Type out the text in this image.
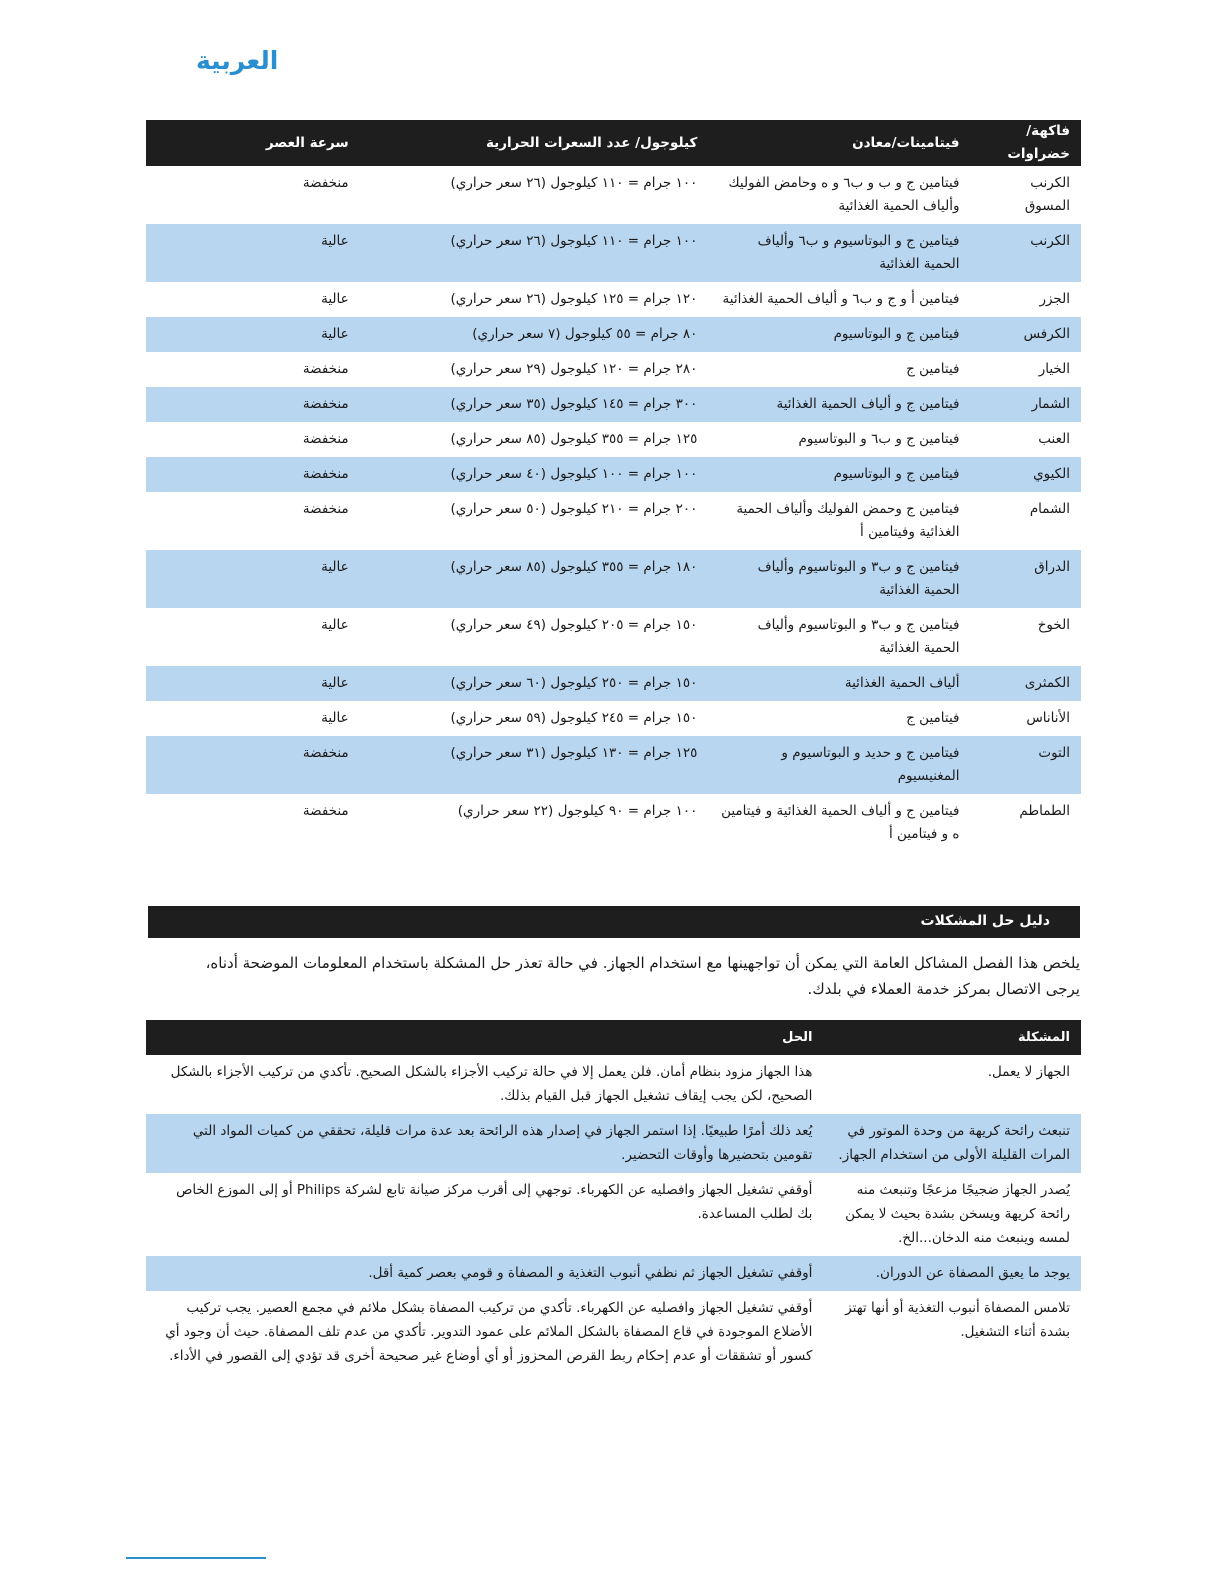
العربية
فاكهة/خضراوات	فيتامينات/معادن	كيلوجول/ عدد السعرات الحرارية	سرعة العصر
الكرنب المسوق	فيتامين ج و ب و ب٦ و ه وحامض الفوليك وألياف الحمية الغذائية	١٠٠ جرام = ١١٠ كيلوجول (٢٦ سعر حراري)	منخفضة
الكرنب	فيتامين ج و البوتاسيوم و ب٦ وألياف الحمية الغذائية	١٠٠ جرام = ١١٠ كيلوجول (٢٦ سعر حراري)	عالية
الجزر	فيتامين أ و ج و ب٦ و ألياف الحمية الغذائية	١٢٠ جرام = ١٢٥ كيلوجول (٢٦ سعر حراري)	عالية
الكرفس	فيتامين ج و البوتاسيوم	٨٠ جرام = ٥٥ كيلوجول (٧ سعر حراري)	عالية
الخيار	فيتامين ج	٢٨٠ جرام = ١٢٠ كيلوجول (٢٩ سعر حراري)	منخفضة
الشمار	فيتامين ج و ألياف الحمية الغذائية	٣٠٠ جرام = ١٤٥ كيلوجول (٣٥ سعر حراري)	منخفضة
العنب	فيتامين ج و ب٦ و البوتاسيوم	١٢٥ جرام = ٣٥٥ كيلوجول (٨٥ سعر حراري)	منخفضة
الكيوي	فيتامين ج و البوتاسيوم	١٠٠ جرام = ١٠٠ كيلوجول (٤٠ سعر حراري)	منخفضة
الشمام	فيتامين ج وحمض الفوليك وألياف الحمية الغذائية وفيتامين أ	٢٠٠ جرام = ٢١٠ كيلوجول (٥٠ سعر حراري)	منخفضة
الدراق	فيتامين ج و ب٣ و البوتاسيوم وألياف الحمية الغذائية	١٨٠ جرام = ٣٥٥ كيلوجول (٨٥ سعر حراري)	عالية
الخوخ	فيتامين ج و ب٣ و البوتاسيوم وألياف الحمية الغذائية	١٥٠ جرام = ٢٠٥ كيلوجول (٤٩ سعر حراري)	عالية
الكمثرى	ألياف الحمية الغذائية	١٥٠ جرام = ٢٥٠ كيلوجول (٦٠ سعر حراري)	عالية
الأناناس	فيتامين ج	١٥٠ جرام = ٢٤٥ كيلوجول (٥٩ سعر حراري)	عالية
التوت	فيتامين ج و حديد و البوتاسيوم و المغنيسيوم	١٢٥ جرام = ١٣٠ كيلوجول (٣١ سعر حراري)	منخفضة
الطماطم	فيتامين ج و ألياف الحمية الغذائية و فيتامين ه و فيتامين أ	١٠٠ جرام = ٩٠ كيلوجول (٢٢ سعر حراري)	منخفضة
دليل حل المشكلات

يلخص هذا الفصل المشاكل العامة التي يمكن أن تواجهينها مع استخدام الجهاز. في حالة تعذر حل المشكلة باستخدام المعلومات الموضحة أدناه، يرجى الاتصال بمركز خدمة العملاء في بلدك.

المشكلة	الحل
الجهاز لا يعمل.	هذا الجهاز مزود بنظام أمان. فلن يعمل إلا في حالة تركيب الأجزاء بالشكل الصحيح. تأكدي من تركيب الأجزاء بالشكل الصحيح، لكن يجب إيقاف تشغيل الجهاز قبل القيام بذلك.
تنبعث رائحة كريهة من وحدة الموتور في المرات القليلة الأولى من استخدام الجهاز.	يُعد ذلك أمرًا طبيعيًا. إذا استمر الجهاز في إصدار هذه الرائحة بعد عدة مرات قليلة، تحققي من كميات المواد التي تقومين بتحضيرها وأوقات التحضير.
يُصدر الجهاز ضجيجًا مزعجًا وتنبعث منه رائحة كريهة ويسخن بشدة بحيث لا يمكن لمسه وينبعث منه الدخان...الخ.	أوقفي تشغيل الجهاز وافصليه عن الكهرباء. توجهي إلى أقرب مركز صيانة تابع لشركة Philips أو إلى الموزع الخاص بك لطلب المساعدة.
يوجد ما يعيق المصفاة عن الدوران.	أوقفي تشغيل الجهاز ثم نظفي أنبوب التغذية و المصفاة و قومي بعصر كمية أقل.
تلامس المصفاة أنبوب التغذية أو أنها تهتز بشدة أثناء التشغيل.	أوقفي تشغيل الجهاز وافصليه عن الكهرباء. تأكدي من تركيب المصفاة بشكل ملائم في مجمع العصير. يجب تركيب الأضلاع الموجودة في قاع المصفاة بالشكل الملائم على عمود التدوير. تأكدي من عدم تلف المصفاة. حيث أن وجود أي كسور أو تشققات أو عدم إحكام ربط القرص المحزوز أو أي أوضاع غير صحيحة أخرى قد تؤدي إلى القصور في الأداء.
